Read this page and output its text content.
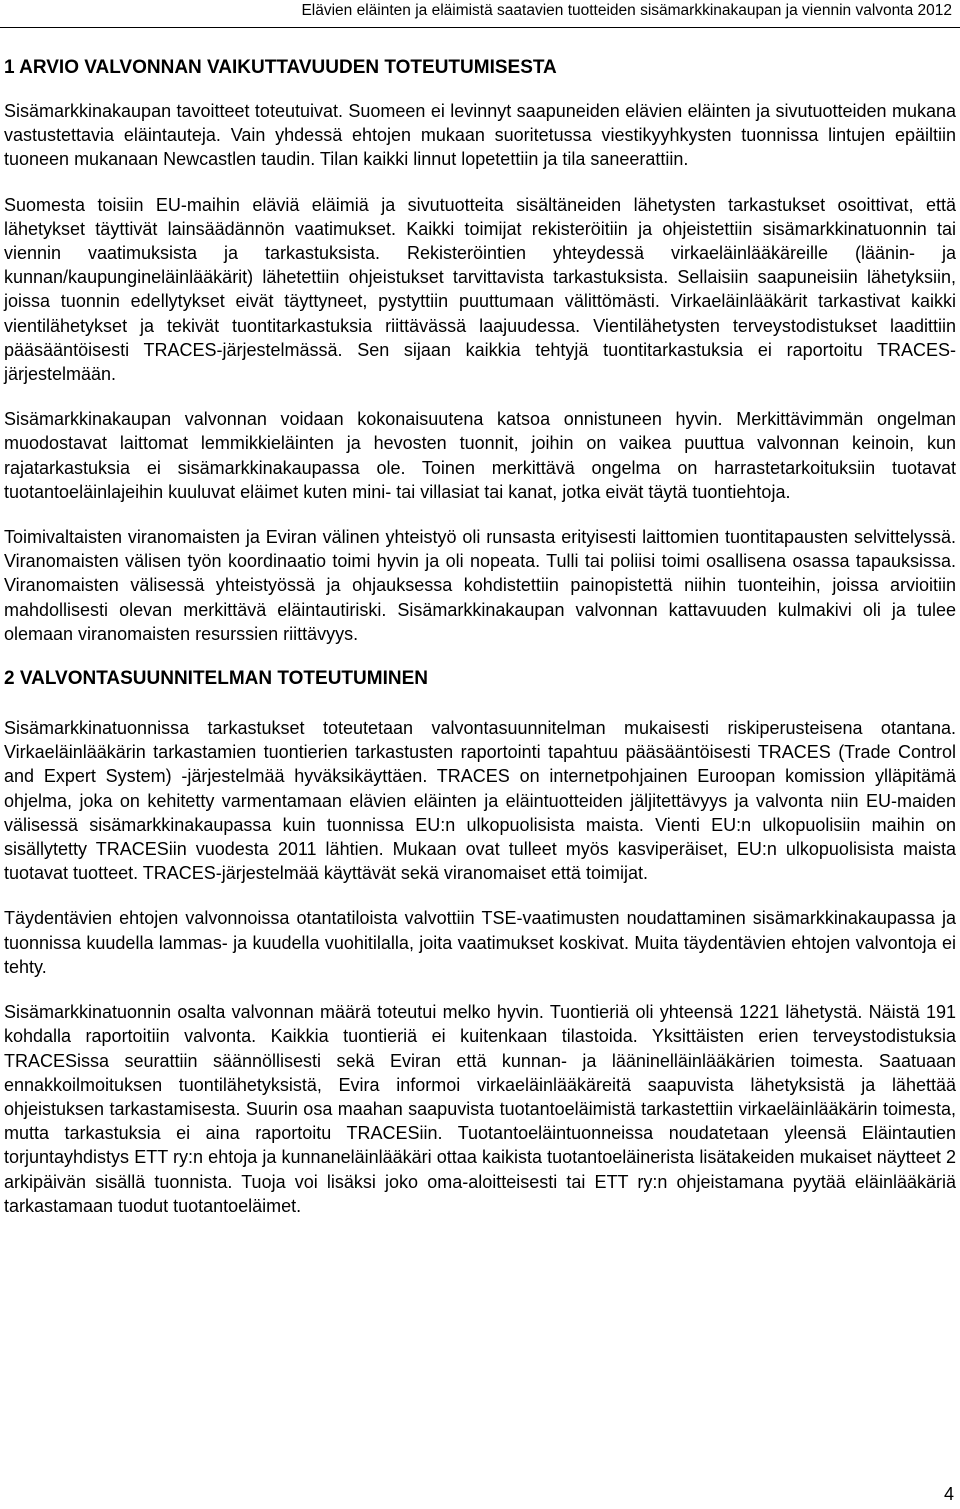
Elävien eläinten ja eläimistä saatavien tuotteiden sisämarkkinakaupan ja viennin valvonta 2012
1 ARVIO VALVONNAN VAIKUTTAVUUDEN TOTEUTUMISESTA

Sisämarkkinakaupan tavoitteet toteutuivat. Suomeen ei levinnyt saapuneiden elävien eläinten ja sivutuotteiden mukana vastustettavia eläintauteja. Vain yhdessä ehtojen mukaan suoritetussa viestikyyhkysten tuonnissa lintujen epäiltiin tuoneen mukanaan Newcastlen taudin. Tilan kaikki linnut lopetettiin ja tila saneerattiin.

Suomesta toisiin EU-maihin eläviä eläimiä ja sivutuotteita sisältäneiden lähetysten tarkastukset osoittivat, että lähetykset täyttivät lainsäädännön vaatimukset. Kaikki toimijat rekisteröitiin ja ohjeistettiin sisämarkkinatuonnin tai viennin vaatimuksista ja tarkastuksista. Rekisteröintien yhteydessä virkaeläinlääkäreille (läänin- ja kunnan/kaupungineläinlääkärit) lähetettiin ohjeistukset tarvittavista tarkastuksista. Sellaisiin saapuneisiin lähetyksiin, joissa tuonnin edellytykset eivät täyttyneet, pystyttiin puuttumaan välittömästi. Virkaeläinlääkärit tarkastivat kaikki vientilähetykset ja tekivät tuontitarkastuksia riittävässä laajuudessa. Vientilähetysten terveystodistukset laadittiin pääsääntöisesti TRACES-järjestelmässä. Sen sijaan kaikkia tehtyjä tuontitarkastuksia ei raportoitu TRACES-järjestelmään.

Sisämarkkinakaupan valvonnan voidaan kokonaisuutena katsoa onnistuneen hyvin. Merkittävimmän ongelman muodostavat laittomat lemmikkieläinten ja hevosten tuonnit, joihin on vaikea puuttua valvonnan keinoin, kun rajatarkastuksia ei sisämarkkinakaupassa ole. Toinen merkittävä ongelma on harrastetarkoituksiin tuotavat tuotantoeläinlajeihin kuuluvat eläimet kuten mini- tai villasiat tai kanat, jotka eivät täytä tuontiehtoja.

Toimivaltaisten viranomaisten ja Eviran välinen yhteistyö oli runsasta erityisesti laittomien tuontitapausten selvittelyssä. Viranomaisten välisen työn koordinaatio toimi hyvin ja oli nopeata. Tulli tai poliisi toimi osallisena osassa tapauksissa. Viranomaisten välisessä yhteistyössä ja ohjauksessa kohdistettiin painopistettä niihin tuonteihin, joissa arvioitiin mahdollisesti olevan merkittävä eläintautiriski. Sisämarkkinakaupan valvonnan kattavuuden kulmakivi oli ja tulee olemaan viranomaisten resurssien riittävyys.

2 VALVONTASUUNNITELMAN TOTEUTUMINEN

Sisämarkkinatuonnissa tarkastukset toteutetaan valvontasuunnitelman mukaisesti riskiperusteisena otantana. Virkaeläinlääkärin tarkastamien tuontierien tarkastusten raportointi tapahtuu pääsääntöisesti TRACES (Trade Control and Expert System) -järjestelmää hyväksikäyttäen. TRACES on internetpohjainen Euroopan komission ylläpitämä ohjelma, joka on kehitetty varmentamaan elävien eläinten ja eläintuotteiden jäljitettävyys ja valvonta niin EU-maiden välisessä sisämarkkinakaupassa kuin tuonnissa EU:n ulkopuolisista maista. Vienti EU:n ulkopuolisiin maihin on sisällytetty TRACESiin vuodesta 2011 lähtien. Mukaan ovat tulleet myös kasviperäiset, EU:n ulkopuolisista maista tuotavat tuotteet. TRACES-järjestelmää käyttävät sekä viranomaiset että toimijat.

Täydentävien ehtojen valvonnoissa otantatiloista valvottiin TSE-vaatimusten noudattaminen sisämarkkinakaupassa ja tuonnissa kuudella lammas- ja kuudella vuohitilalla, joita vaatimukset koskivat. Muita täydentävien ehtojen valvontoja ei tehty.

Sisämarkkinatuonnin osalta valvonnan määrä toteutui melko hyvin. Tuontieriä oli yhteensä 1221 lähetystä. Näistä 191 kohdalla raportoitiin valvonta. Kaikkia tuontieriä ei kuitenkaan tilastoida. Yksittäisten erien terveystodistuksia TRACESissa seurattiin säännöllisesti sekä Eviran että kunnan- ja lääninelläinlääkärien toimesta. Saatuaan ennakkoilmoituksen tuontilähetyksistä, Evira informoi virkaeläinlääkäreitä saapuvista lähetyksistä ja lähettää ohjeistuksen tarkastamisesta. Suurin osa maahan saapuvista tuotantoeläimistä tarkastettiin virkaeläinlääkärin toimesta, mutta tarkastuksia ei aina raportoitu TRACESiin. Tuotantoeläintuonneissa noudatetaan yleensä Eläintautien torjuntayhdistys ETT ry:n ehtoja ja kunnaneläinlääkäri ottaa kaikista tuotantoeläinerista lisätakeiden mukaiset näytteet 2 arkipäivän sisällä tuonnista. Tuoja voi lisäksi joko oma-aloitteisesti tai ETT ry:n ohjeistamana pyytää eläinlääkäriä tarkastamaan tuodut tuotantoeläimet.

4
